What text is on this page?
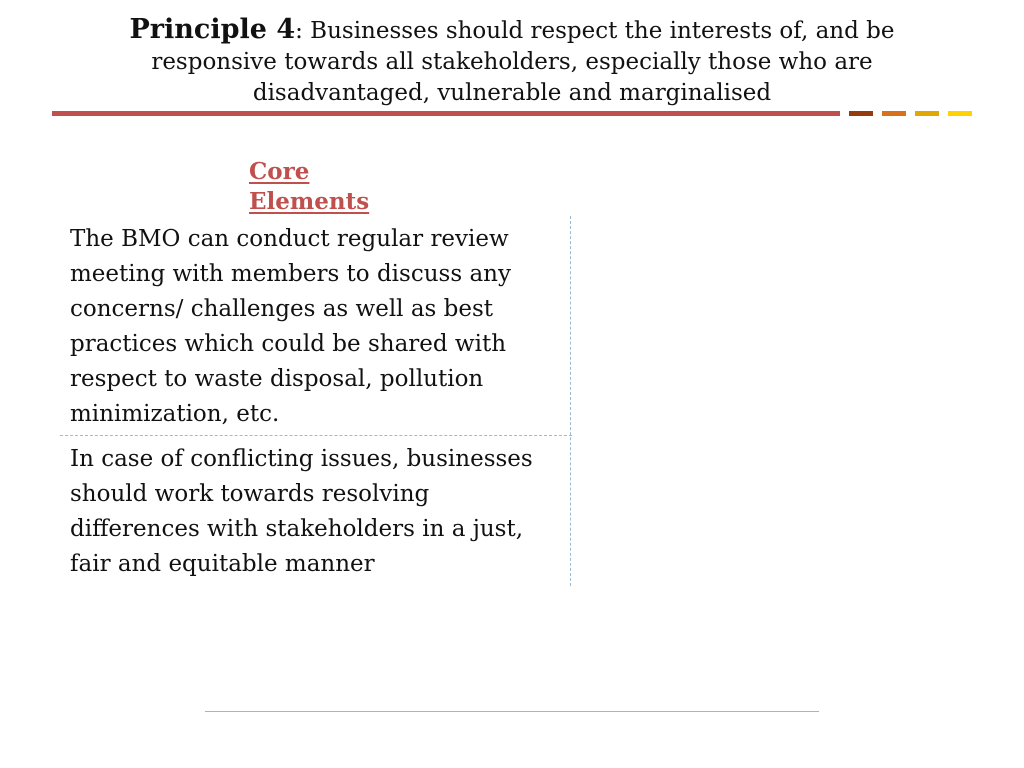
Principle 4: Businesses should respect the interests of, and be responsive towards all stakeholders, especially those who are disadvantaged, vulnerable and marginalised
Core Elements

The BMO can conduct regular review meeting with members to discuss any concerns/ challenges as well as best practices which could be shared with respect to waste disposal, pollution minimization, etc.

In case of conflicting issues, businesses should work towards resolving differences with stakeholders in a just, fair and equitable manner
